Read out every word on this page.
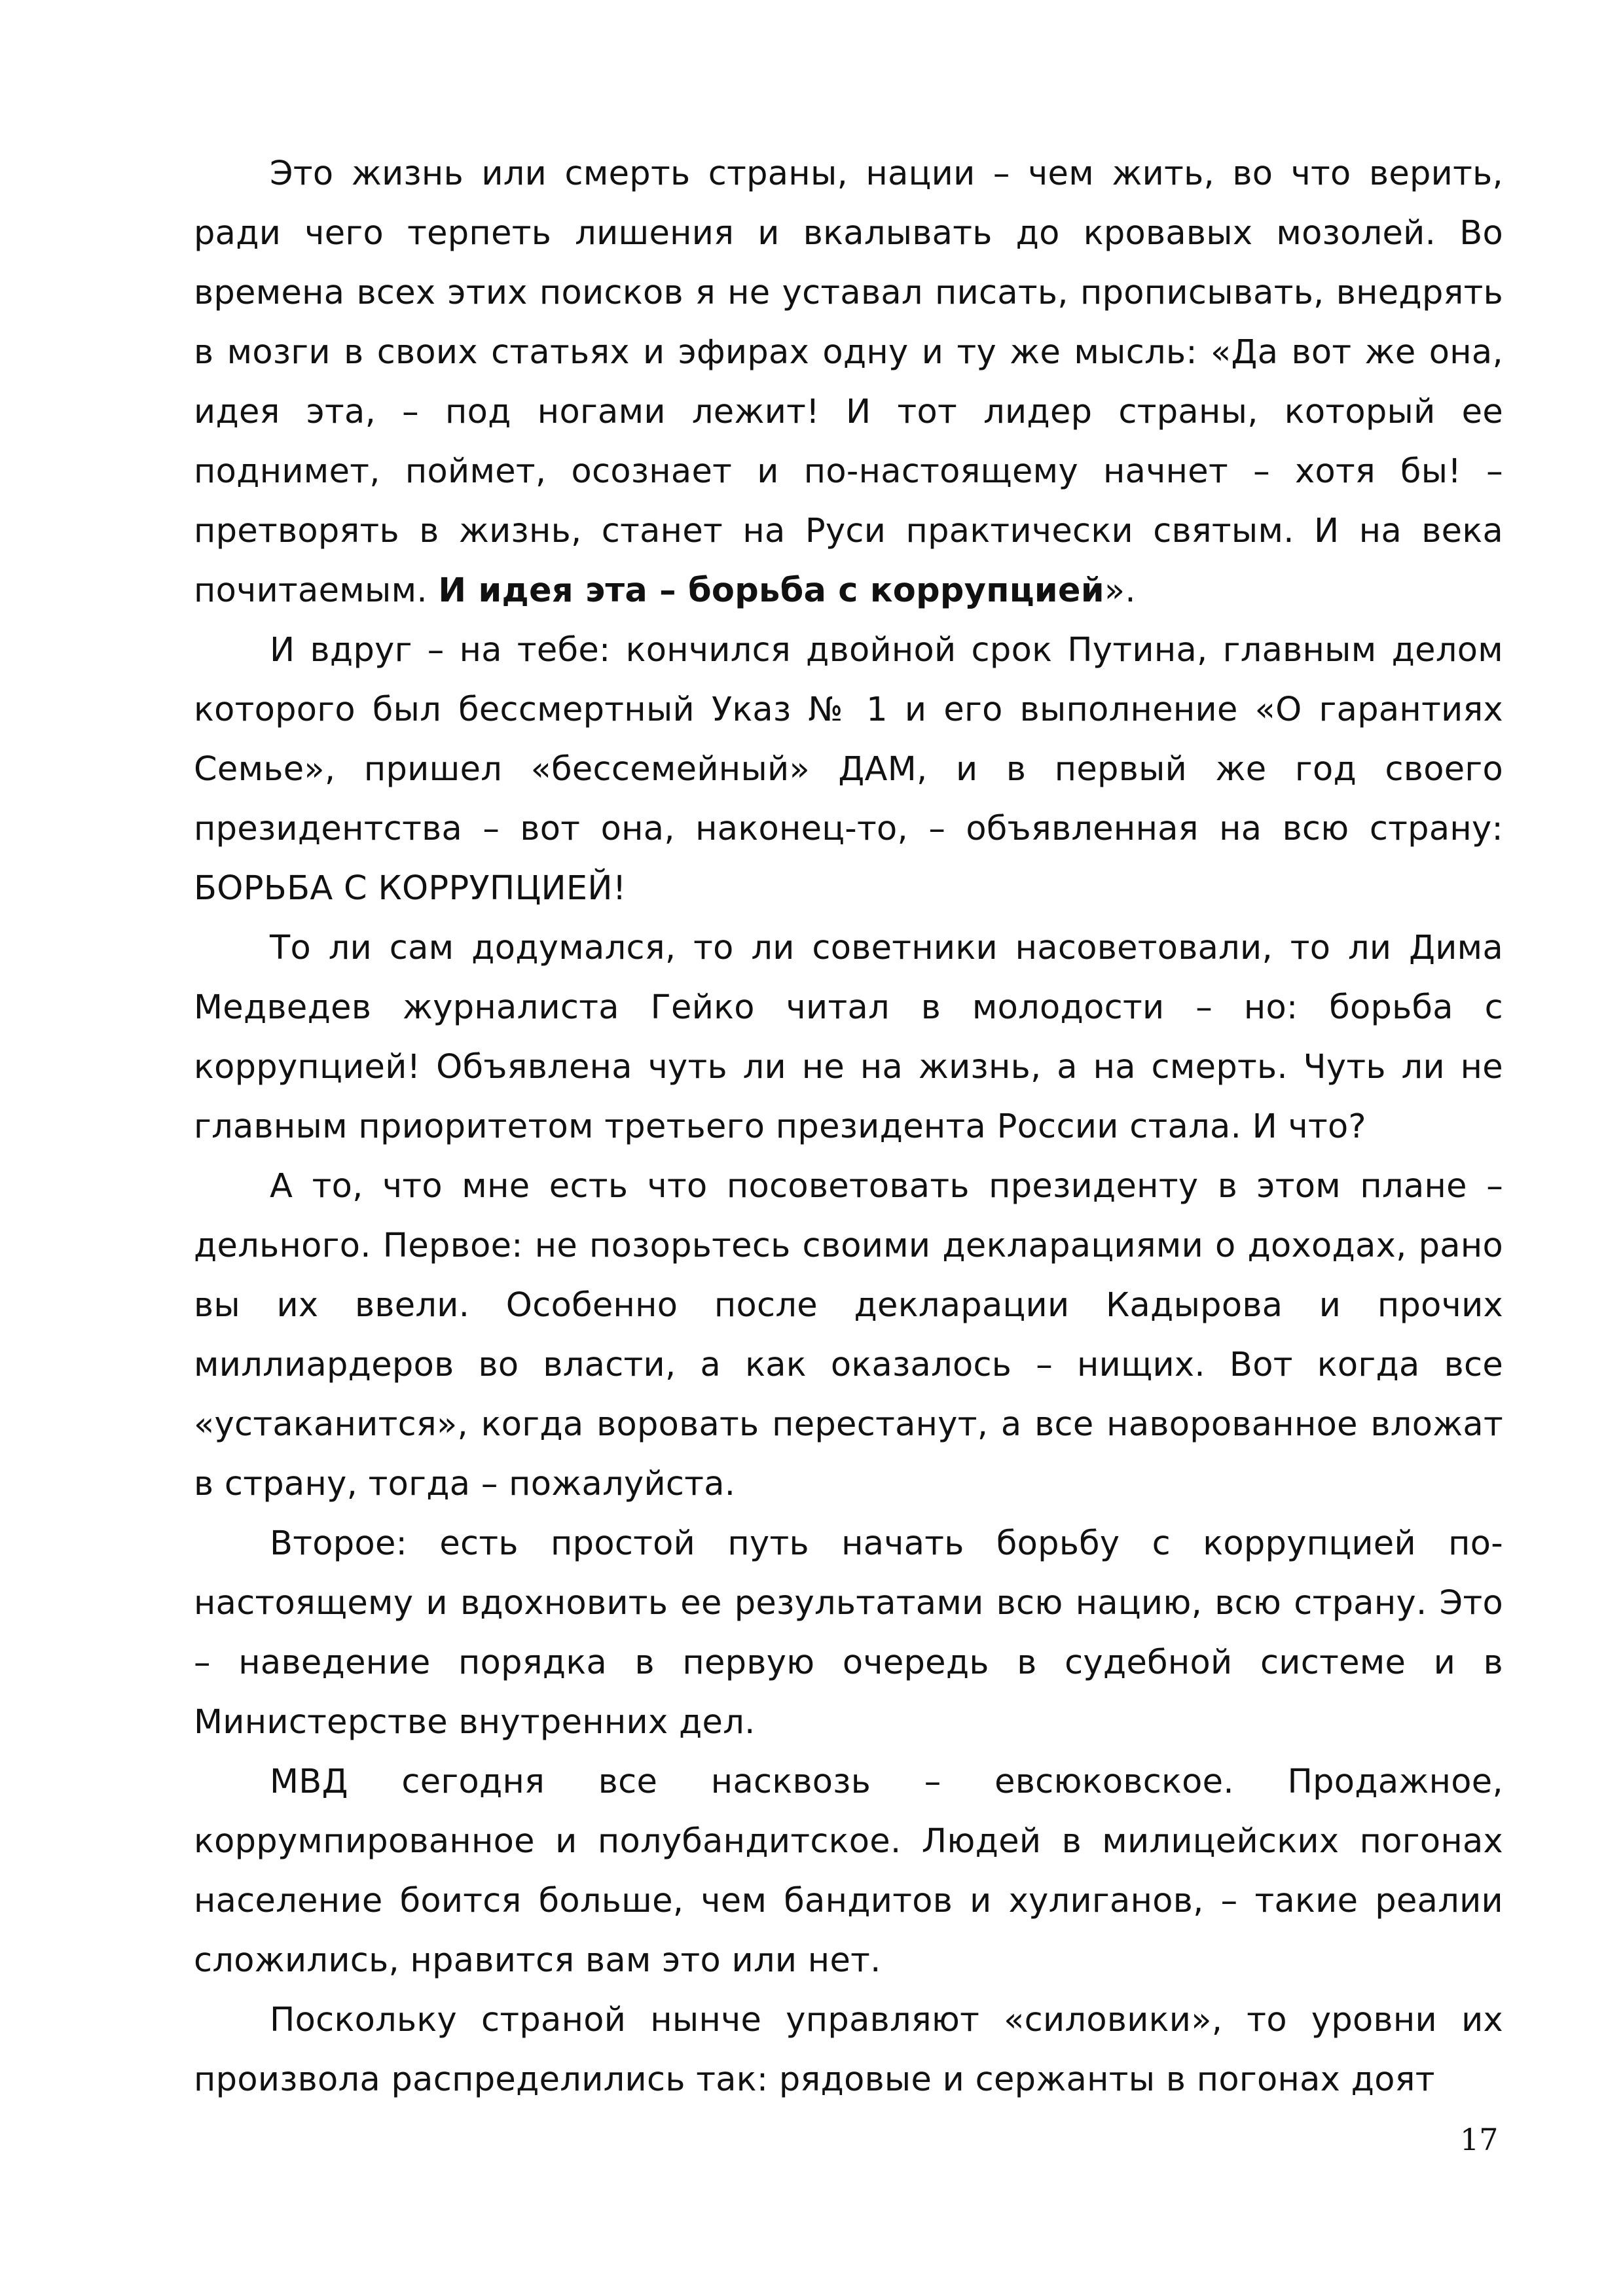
Это жизнь или смерть страны, нации – чем жить, во что верить, ради чего терпеть лишения и вкалывать до кровавых мозолей. Во времена всех этих поисков я не уставал писать, прописывать, внедрять в мозги в своих статьях и эфирах одну и ту же мысль: «Да вот же она, идея эта, – под ногами лежит! И тот лидер страны, который ее поднимет, поймет, осознает и по-настоящему начнет – хотя бы! – претворять в жизнь, станет на Руси практически святым. И на века почитаемым. И идея эта – борьба с коррупцией».

И вдруг – на тебе: кончился двойной срок Путина, главным делом которого был бессмертный Указ № 1 и его выполнение «О гарантиях Семье», пришел «бессемейный» ДАМ, и в первый же год своего президентства – вот она, наконец-то, – объявленная на всю страну: БОРЬБА С КОРРУПЦИЕЙ!

То ли сам додумался, то ли советники насоветовали, то ли Дима Медведев журналиста Гейко читал в молодости – но: борьба с коррупцией! Объявлена чуть ли не на жизнь, а на смерть. Чуть ли не главным приоритетом третьего президента России стала. И что?

А то, что мне есть что посоветовать президенту в этом плане – дельного. Первое: не позорьтесь своими декларациями о доходах, рано вы их ввели. Особенно после декларации Кадырова и прочих миллиардеров во власти, а как оказалось – нищих. Вот когда все «устаканится», когда воровать перестанут, а все наворованное вложат в страну, тогда – пожалуйста.

Второе: есть простой путь начать борьбу с коррупцией по-настоящему и вдохновить ее результатами всю нацию, всю страну. Это – наведение порядка в первую очередь в судебной системе и в Министерстве внутренних дел.

МВД сегодня все насквозь – евсюковское. Продажное, коррумпированное и полубандитское. Людей в милицейских погонах население боится больше, чем бандитов и хулиганов, – такие реалии сложились, нравится вам это или нет.

Поскольку страной нынче управляют «силовики», то уровни их произвола распределились так: рядовые и сержанты в погонах доят

17
